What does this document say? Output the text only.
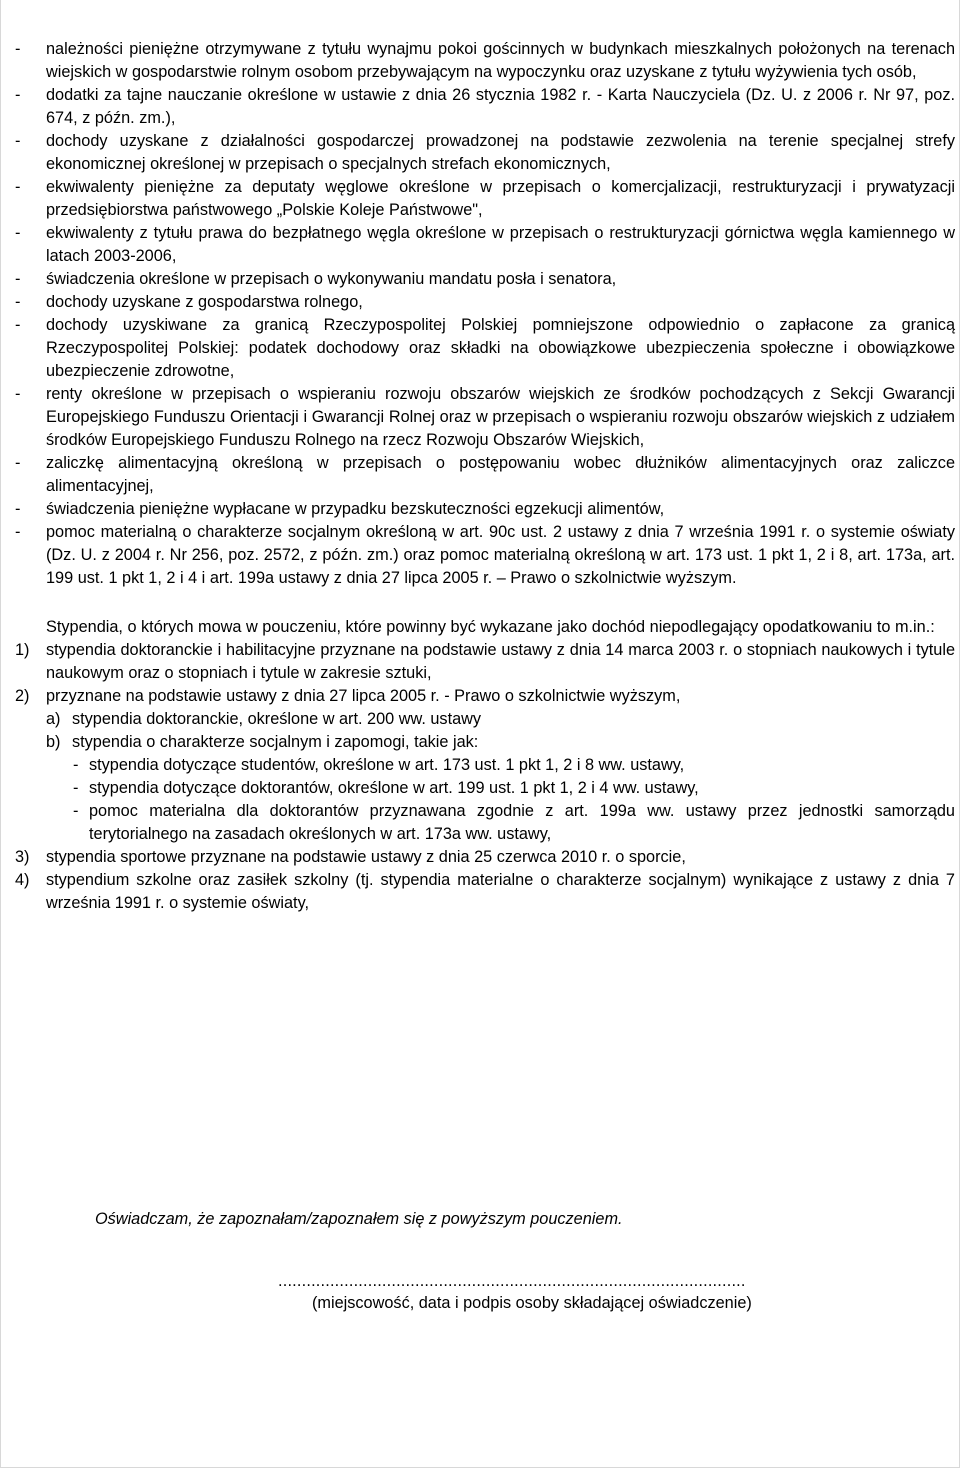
- należności pieniężne otrzymywane z tytułu wynajmu pokoi gościnnych w budynkach mieszkalnych położonych na terenach wiejskich w gospodarstwie rolnym osobom przebywającym na wypoczynku oraz uzyskane z tytułu wyżywienia tych osób,
- dodatki za tajne nauczanie określone w ustawie z dnia 26 stycznia 1982 r. - Karta Nauczyciela (Dz. U. z 2006 r. Nr 97, poz. 674, z późn. zm.),
- dochody uzyskane z działalności gospodarczej prowadzonej na podstawie zezwolenia na terenie specjalnej strefy ekonomicznej określonej w przepisach o specjalnych strefach ekonomicznych,
- ekwiwalenty pieniężne za deputaty węglowe określone w przepisach o komercjalizacji, restrukturyzacji i prywatyzacji przedsiębiorstwa państwowego „Polskie Koleje Państwowe",
- ekwiwalenty z tytułu prawa do bezpłatnego węgla określone w przepisach o restrukturyzacji górnictwa węgla kamiennego w latach 2003-2006,
- świadczenia określone w przepisach o wykonywaniu mandatu posła i senatora,
- dochody uzyskane z gospodarstwa rolnego,
- dochody uzyskiwane za granicą Rzeczypospolitej Polskiej pomniejszone odpowiednio o zapłacone za granicą Rzeczypospolitej Polskiej: podatek dochodowy oraz składki na obowiązkowe ubezpieczenia społeczne i obowiązkowe ubezpieczenie zdrowotne,
- renty określone w przepisach o wspieraniu rozwoju obszarów wiejskich ze środków pochodzących z Sekcji Gwarancji Europejskiego Funduszu Orientacji i Gwarancji Rolnej oraz w przepisach o wspieraniu rozwoju obszarów wiejskich z udziałem środków Europejskiego Funduszu Rolnego na rzecz Rozwoju Obszarów Wiejskich,
- zaliczkę alimentacyjną określoną w przepisach o postępowaniu wobec dłużników alimentacyjnych oraz zaliczce alimentacyjnej,
- świadczenia pieniężne wypłacane w przypadku bezskuteczności egzekucji alimentów,
- pomoc materialną o charakterze socjalnym określoną w art. 90c ust. 2 ustawy z dnia 7 września 1991 r. o systemie oświaty (Dz. U. z 2004 r. Nr 256, poz. 2572, z późn. zm.) oraz pomoc materialną określoną w art. 173 ust. 1 pkt 1, 2 i 8, art. 173a, art. 199 ust. 1 pkt 1, 2 i 4 i art. 199a ustawy z dnia 27 lipca 2005 r. – Prawo o szkolnictwie wyższym.
Stypendia, o których mowa w pouczeniu, które powinny być wykazane jako dochód niepodlegający opodatkowaniu to m.in.:
1) stypendia doktoranckie i habilitacyjne przyznane na podstawie ustawy z dnia 14 marca 2003 r. o stopniach naukowych i tytule naukowym oraz o stopniach i tytule w zakresie sztuki,
2) przyznane na podstawie ustawy z dnia 27 lipca 2005 r. - Prawo o szkolnictwie wyższym,
a) stypendia doktoranckie, określone w art. 200 ww. ustawy
b) stypendia o charakterze socjalnym i zapomogi, takie jak:
- stypendia dotyczące studentów, określone w art. 173 ust. 1 pkt 1, 2 i 8 ww. ustawy,
- stypendia dotyczące doktorantów, określone w art. 199 ust. 1 pkt 1, 2 i 4 ww. ustawy,
- pomoc materialna dla doktorantów przyznawana zgodnie z art. 199a ww. ustawy przez jednostki samorządu terytorialnego na zasadach określonych w art. 173a ww. ustawy,
3) stypendia sportowe przyznane na podstawie ustawy z dnia 25 czerwca 2010 r. o sporcie,
4) stypendium szkolne oraz zasiłek szkolny (tj. stypendia materialne o charakterze socjalnym) wynikające z ustawy z dnia 7 września 1991 r. o systemie oświaty,
Oświadczam, że zapoznałam/zapoznałem się z powyższym pouczeniem.
...................................................................................................
(miejscowość, data i podpis osoby składającej oświadczenie)
